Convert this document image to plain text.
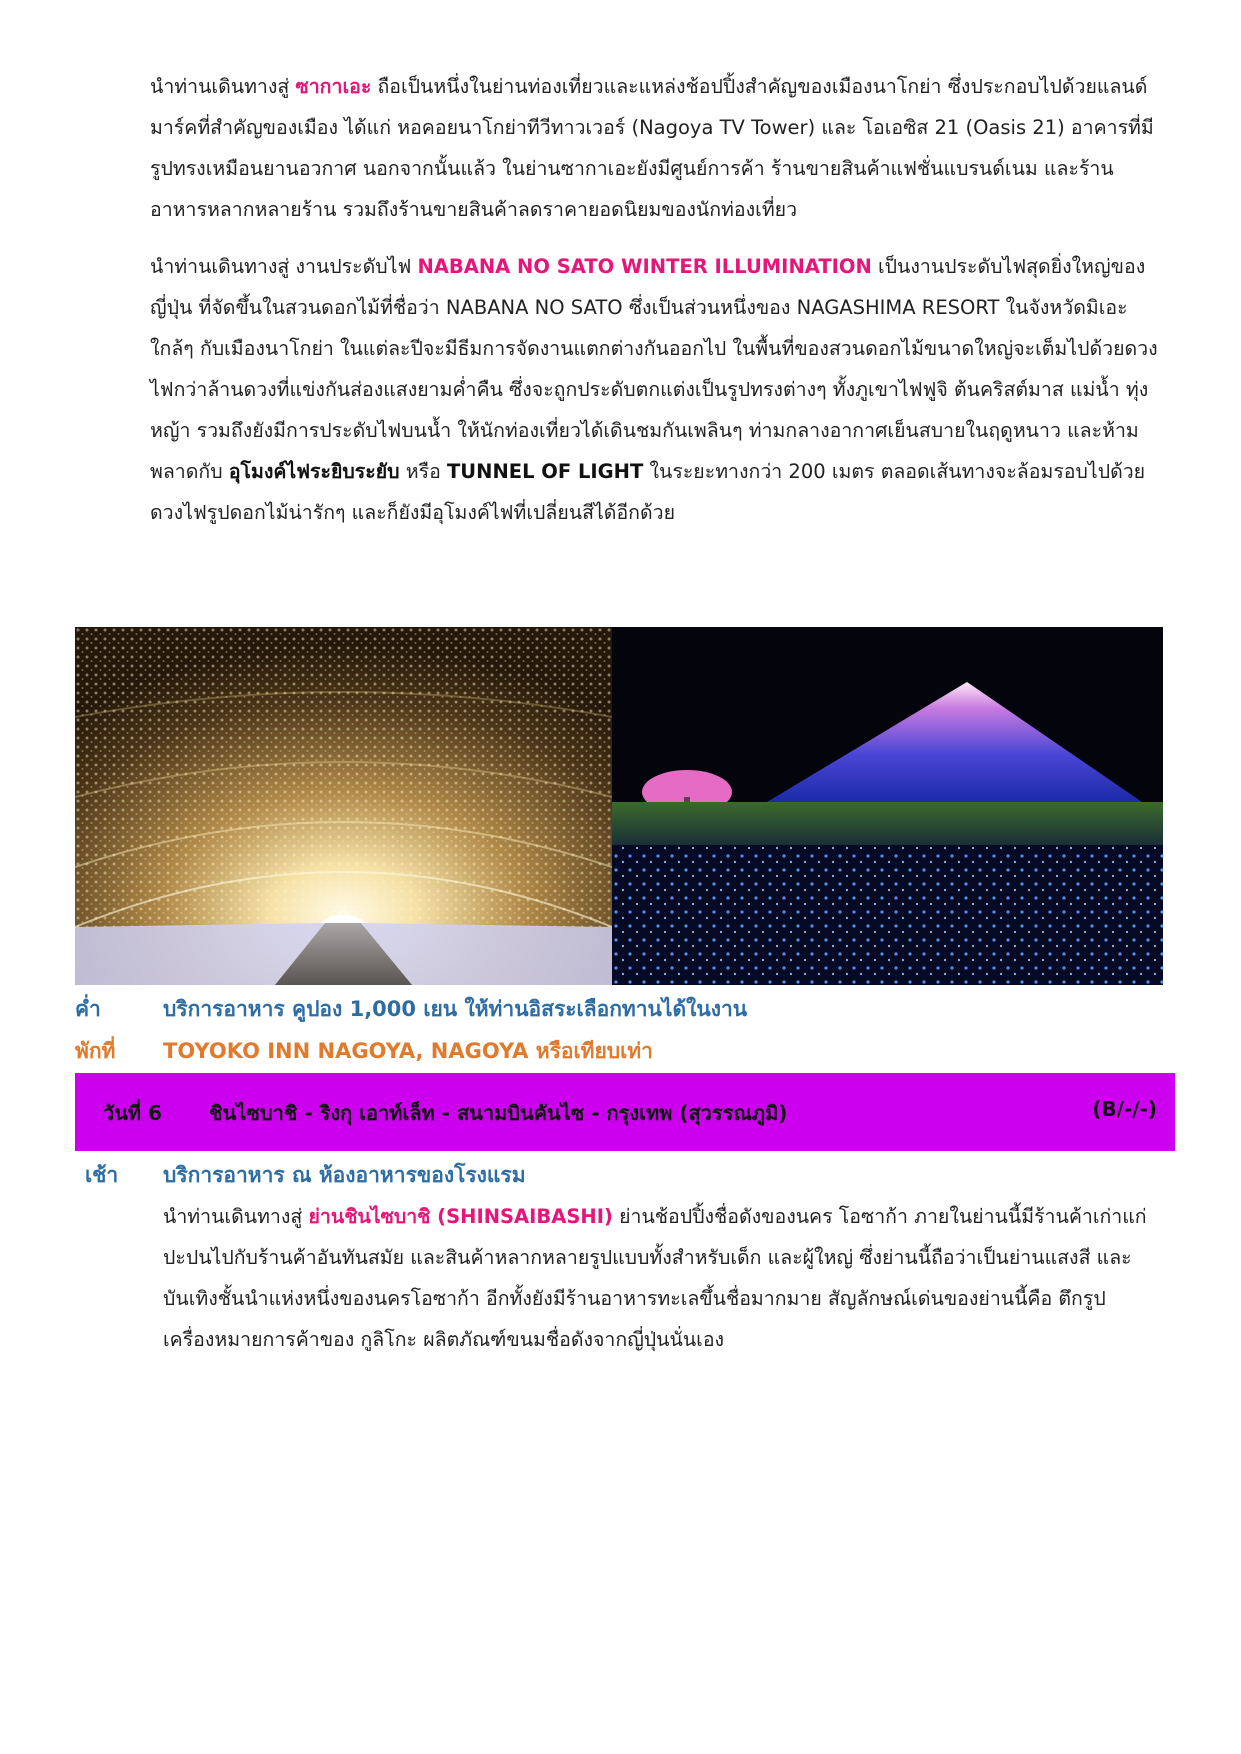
นำท่านเดินทางสู่ ซากาเอะ ถือเป็นหนึ่งในย่านท่องเที่ยวและแหล่งช้อปปิ้งสำคัญของเมืองนาโกย่า ซึ่งประกอบไปด้วยแลนด์มาร์คที่สำคัญของเมือง ได้แก่ หอคอยนาโกย่าทีวีทาวเวอร์ (Nagoya TV Tower) และ โอเอซิส 21 (Oasis 21) อาคารที่มีรูปทรงเหมือนยานอวกาศ นอกจากนั้นแล้ว ในย่านซากาเอะยังมีศูนย์การค้า ร้านขายสินค้าแฟชั่นแบรนด์เนม และร้านอาหารหลากหลายร้าน รวมถึงร้านขายสินค้าลดราคายอดนิยมของนักท่องเที่ยว

นำท่านเดินทางสู่ งานประดับไฟ NABANA NO SATO WINTER ILLUMINATION เป็นงานประดับไฟสุดยิ่งใหญ่ของญี่ปุ่น ที่จัดขึ้นในสวนดอกไม้ที่ชื่อว่า NABANA NO SATO ซึ่งเป็นส่วนหนึ่งของ NAGASHIMA RESORT ในจังหวัดมิเอะ ใกล้ๆ กับเมืองนาโกย่า ในแต่ละปีจะมีธีมการจัดงานแตกต่างกันออกไป ในพื้นที่ของสวนดอกไม้ขนาดใหญ่จะเต็มไปด้วยดวงไฟกว่าล้านดวงที่แข่งกันส่องแสงยามค่ำคืน ซึ่งจะถูกประดับตกแต่งเป็นรูปทรงต่างๆ ทั้งภูเขาไฟฟูจิ ต้นคริสต์มาส แม่น้ำ ทุ่งหญ้า รวมถึงยังมีการประดับไฟบนน้ำ ให้นักท่องเที่ยวได้เดินชมกันเพลินๆ ท่ามกลางอากาศเย็นสบายในฤดูหนาว และห้ามพลาดกับ อุโมงค์ไฟระยิบระยับ หรือ TUNNEL OF LIGHT ในระยะทางกว่า 200 เมตร ตลอดเส้นทางจะล้อมรอบไปด้วยดวงไฟรูปดอกไม้น่ารักๆ และก็ยังมีอุโมงค์ไฟที่เปลี่ยนสีได้อีกด้วย

ค่ำ	บริการอาหาร คูปอง 1,000 เยน ให้ท่านอิสระเลือกทานได้ในงาน
พักที่ TOYOKO INN NAGOYA, NAGOYA หรือเทียบเท่า
วันที่ 6 ชินไซบาชิ - ริงกุ เอาท์เล็ท - สนามบินคันไซ - กรุงเทพ (สุวรรณภูมิ)	(B/-/-)
เช้า บริการอาหาร ณ ห้องอาหารของโรงแรม

นำท่านเดินทางสู่ ย่านชินไซบาชิ (SHINSAIBASHI) ย่านช้อปปิ้งชื่อดังของนคร โอซาก้า ภายในย่านนี้มีร้านค้าเก่าแก่ปะปนไปกับร้านค้าอันทันสมัย และสินค้าหลากหลายรูปแบบทั้งสำหรับเด็ก และผู้ใหญ่ ซึ่งย่านนี้ถือว่าเป็นย่านแสงสี และบันเทิงชั้นนำแห่งหนึ่งของนครโอซาก้า อีกทั้งยังมีร้านอาหารทะเลขึ้นชื่อมากมาย สัญลักษณ์เด่นของย่านนี้คือ ตึกรูปเครื่องหมายการค้าของ กูลิโกะ ผลิตภัณฑ์ขนมชื่อดังจากญี่ปุ่นนั่นเอง
